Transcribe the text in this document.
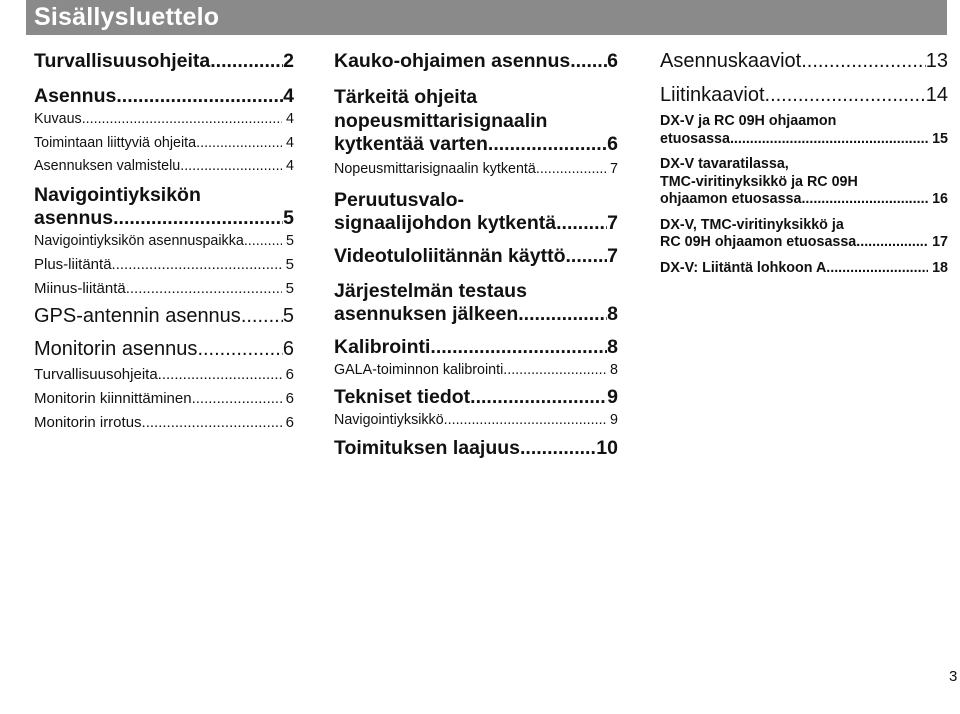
Sisällysluettelo
Turvallisuusohjeita .....	2
Asennus .....	4
Kuvaus .....	4
Toimintaan liittyviä ohjeita .....	4
Asennuksen valmistelu .....	4
Navigointiyksikön
asennus .....	5
Navigointiyksikön asennuspaikka .....	5
Plus-liitäntä .....	5
Miinus-liitäntä .....	5
GPS-antennin asennus ..... 5
Monitorin asennus .....	6
Turvallisuusohjeita .....	6
Monitorin kiinnittäminen .....	6
Monitorin irrotus .....	6
Kauko-ohjaimen asennus ..... 6
Tärkeitä ohjeita
nopeusmittarisignaalin
kytkentää varten .....	6
Nopeusmittarisignaalin kytkentä .....	7
Peruutusvalo-
signaalijohdon kytkentä .....	7
Videotuloliitännän käyttö ..... 7
Järjestelmän testaus
asennuksen jälkeen .....	8
Kalibrointi .....	8
GALA-toiminnon kalibrointi .....	8
Tekniset tiedot .....	9
Navigointiyksikkö .....	9
Toimituksen laajuus .....	10
Asennuskaaviot .....	13
Liitinkaaviot .....	14
DX-V ja RC 09H ohjaamon
etuosassa .....	15
DX-V tavaratilassa,
TMC-viritinyksikkö ja RC 09H
ohjaamon etuosassa .....	16
DX-V, TMC-viritinyksikkö ja
RC 09H ohjaamon etuosassa .....	17
DX-V: Liitäntä lohkoon A .....	18
3
